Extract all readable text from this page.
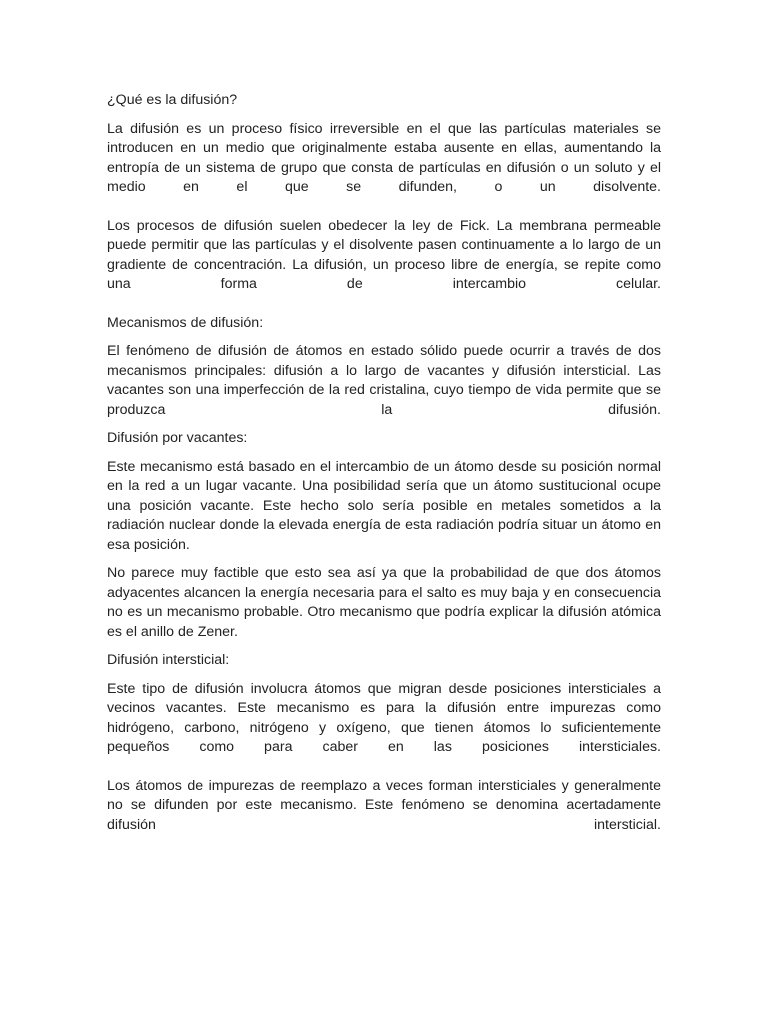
¿Qué es la difusión?

La difusión es un proceso físico irreversible en el que las partículas materiales se introducen en un medio que originalmente estaba ausente en ellas, aumentando la entropía de un sistema de grupo que consta de partículas en difusión o un soluto y el medio en el que se difunden, o un disolvente.

Los procesos de difusión suelen obedecer la ley de Fick. La membrana permeable puede permitir que las partículas y el disolvente pasen continuamente a lo largo de un gradiente de concentración. La difusión, un proceso libre de energía, se repite como una forma de intercambio celular.

Mecanismos de difusión:

El fenómeno de difusión de átomos en estado sólido puede ocurrir a través de dos mecanismos principales: difusión a lo largo de vacantes y difusión intersticial. Las vacantes son una imperfección de la red cristalina, cuyo tiempo de vida permite que se produzca la difusión.

Difusión por vacantes:

Este mecanismo está basado en el intercambio de un átomo desde su posición normal en la red a un lugar vacante. Una posibilidad sería que un átomo sustitucional ocupe una posición vacante. Este hecho solo sería posible en metales sometidos a la radiación nuclear donde la elevada energía de esta radiación podría situar un átomo en esa posición.

No parece muy factible que esto sea así ya que la probabilidad de que dos átomos adyacentes alcancen la energía necesaria para el salto es muy baja y en consecuencia no es un mecanismo probable. Otro mecanismo que podría explicar la difusión atómica es el anillo de Zener.

Difusión intersticial:

Este tipo de difusión involucra átomos que migran desde posiciones intersticiales a vecinos vacantes. Este mecanismo es para la difusión entre impurezas como hidrógeno, carbono, nitrógeno y oxígeno, que tienen átomos lo suficientemente pequeños como para caber en las posiciones intersticiales.

Los átomos de impurezas de reemplazo a veces forman intersticiales y generalmente no se difunden por este mecanismo. Este fenómeno se denomina acertadamente difusión intersticial.
